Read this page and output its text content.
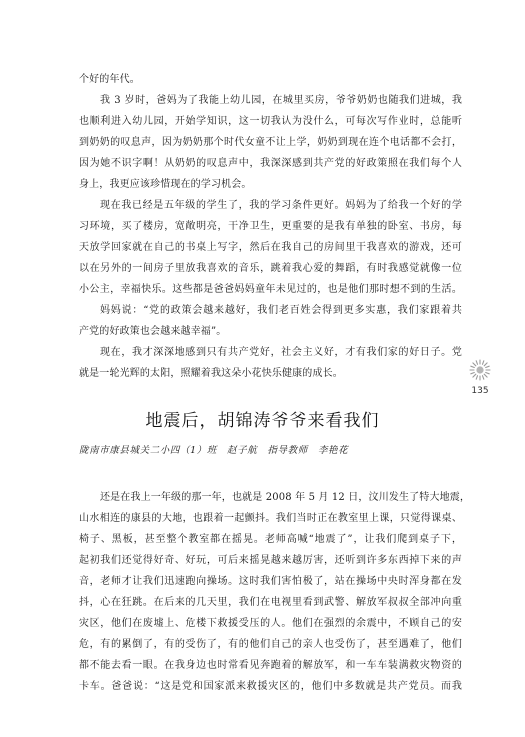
个好的年代。

我 3 岁时，爸妈为了我能上幼儿园，在城里买房，爷爷奶奶也随我们进城，我

也顺利进入幼儿园，开始学知识，这一切我认为没什么，可每次写作业时，总能听

到奶奶的叹息声，因为奶奶那个时代女童不让上学，奶奶到现在连个电话都不会打，

因为她不识字啊！从奶奶的叹息声中，我深深感到共产党的好政策照在我们每个人

身上，我更应该珍惜现在的学习机会。

现在我已经是五年级的学生了，我的学习条件更好。妈妈为了给我一个好的学

习环境，买了楼房，宽敞明亮，干净卫生，更重要的是我有单独的卧室、书房，每

天放学回家就在自己的书桌上写字，然后在我自己的房间里干我喜欢的游戏，还可

以在另外的一间房子里放我喜欢的音乐，跳着我心爱的舞蹈，有时我感觉就像一位

小公主，幸福快乐。这些都是爸爸妈妈童年未见过的，也是他们那时想不到的生活。

妈妈说：“党的政策会越来越好，我们老百姓会得到更多实惠，我们家跟着共

产党的好政策也会越来越幸福”。

现在，我才深深地感到只有共产党好，社会主义好，才有我们家的好日子。党

就是一轮光辉的太阳，照耀着我这朵小花快乐健康的成长。

135
地震后，胡锦涛爷爷来看我们
陇南市康县城关二小四（1）班　赵子航　指导教师　李艳花

还是在我上一年级的那一年，也就是 2008 年 5 月 12 日，汶川发生了特大地震，

山水相连的康县的大地，也跟着一起颤抖。我们当时正在教室里上课，只觉得课桌、

椅子、黑板，甚至整个教室都在摇晃。老师高喊“地震了”，让我们爬到桌子下，

起初我们还觉得好奇、好玩，可后来摇晃越来越厉害，还听到许多东西掉下来的声

音，老师才让我们迅速跑向操场。这时我们害怕极了，站在操场中央时浑身都在发

抖，心在狂跳。在后来的几天里，我们在电视里看到武警、解放军叔叔全部冲向重

灾区，他们在废墟上、危楼下救援受压的人。他们在强烈的余震中，不顾自己的安

危，有的累倒了，有的受伤了，有的他们自己的亲人也受伤了，甚至遇难了，他们

都不能去看一眼。在我身边也时常看见奔跑着的解放军，和一车车装满救灾物资的

卡车。爸爸说：“这是党和国家派来救援灾区的，他们中多数就是共产党员。而我
